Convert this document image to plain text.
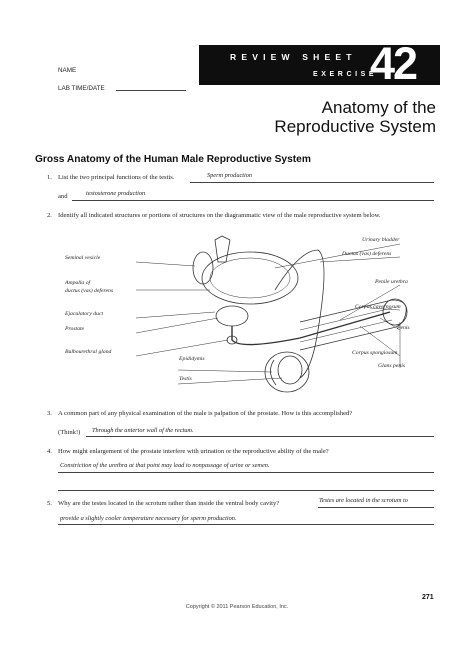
REVIEW SHEET
EXERCISE
42
NAME
LAB TIME/DATE
Anatomy of the
Reproductive System
Gross Anatomy of the Human Male Reproductive System
1. List the two principal functions of the testis.	Sperm production
and	testosterone production
2. Identify all indicated structures or portions of structures on the diagrammatic view of the male reproductive system below.
Seminal vesicle
Ampulla of
ductus (vas) deferens
Ejaculatory duct
Prostate
Bulbourethral gland
Urinary bladder
Ductus (vas) deferens
Penile urethra
Corpus cavernosum
Penis
Corpus spongiosum
Glans penis
Epididymis
Testis
3. A common part of any physical examination of the male is palpation of the prostate. How is this accomplished?
(Think!) Through the anterior wall of the rectum.
4. How might enlargement of the prostate interfere with urination or the reproductive ability of the male?
Constriction of the urethra at that point may lead to nonpassage of urine or semen.
5. Why are the testes located in the scrotum rather than inside the ventral body cavity?	Testes are located in the scrotum to
provide a slightly cooler temperature necessary for sperm production.
271
Copyright © 2011 Pearson Education, Inc.
